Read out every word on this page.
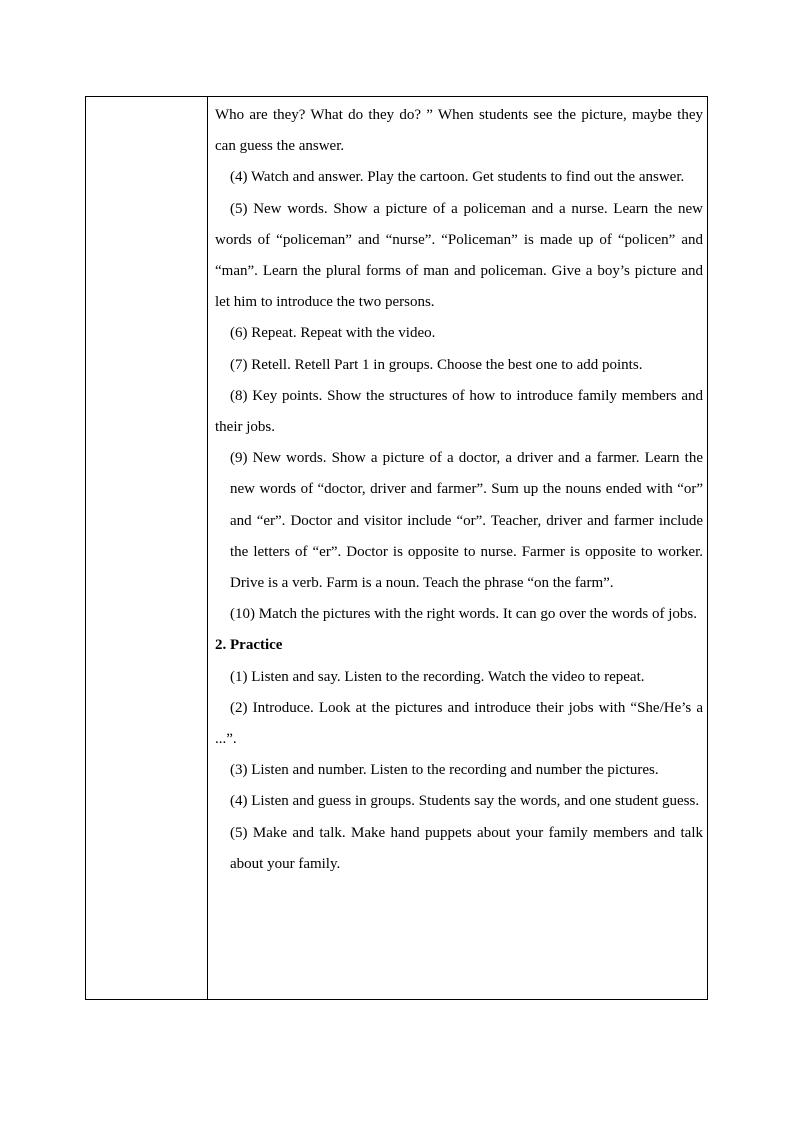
Who are they? What do they do? ” When students see the picture, maybe they can guess the answer.

(4) Watch and answer. Play the cartoon. Get students to find out the answer.

(5) New words. Show a picture of a policeman and a nurse. Learn the new words of “policeman” and “nurse”. “Policeman” is made up of “policen” and “man”. Learn the plural forms of man and policeman. Give a boy’s picture and let him to introduce the two persons.

(6) Repeat. Repeat with the video.

(7) Retell. Retell Part 1 in groups. Choose the best one to add points.

(8) Key points. Show the structures of how to introduce family members and their jobs.

(9) New words. Show a picture of a doctor, a driver and a farmer. Learn the new words of “doctor, driver and farmer”. Sum up the nouns ended with “or” and “er”. Doctor and visitor include “or”. Teacher, driver and farmer include the letters of “er”. Doctor is opposite to nurse. Farmer is opposite to worker. Drive is a verb. Farm is a noun. Teach the phrase “on the farm”.

(10) Match the pictures with the right words. It can go over the words of jobs.

2. Practice

(1) Listen and say. Listen to the recording. Watch the video to repeat.

(2) Introduce. Look at the pictures and introduce their jobs with “She/He’s a ...”.

(3) Listen and number. Listen to the recording and number the pictures.

(4) Listen and guess in groups. Students say the words, and one student guess.

(5) Make and talk. Make hand puppets about your family members and talk about your family.
